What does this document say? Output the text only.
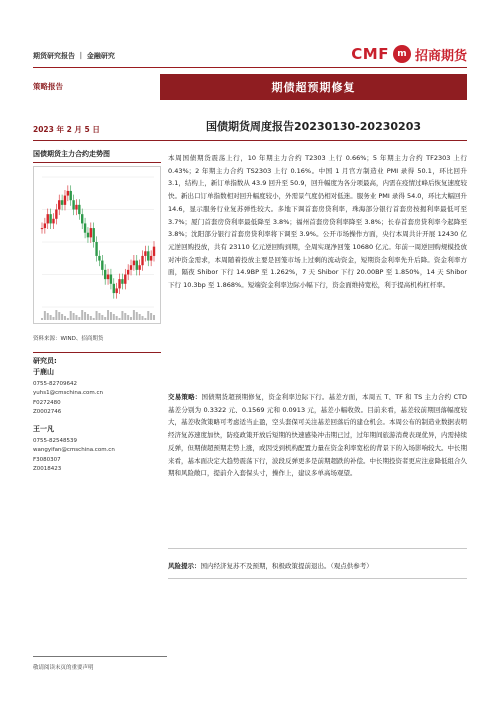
期货研究报告 ｜ 金融研究	CMF m 招商期货
策略报告	期债超预期修复
2023 年 2 月 5 日	国债期货周度报告20230130-20230203
国债期货主力合约走势图
资料来源：WIND、招商期货
研究员:
于鹿山
0755-82709642
yuhs1@cmschina.com.cn
F0272480
Z0002746
王一凡
0755-82548539
wangyifan@cmschina.com.cn
F3080307
Z0018423
本周国债期货震荡上行，10 年期主力合约 T2303 上行 0.66%；5 年期主力合约 TF2303 上行 0.43%；2 年期主力合约 TS2303 上行 0.16%。中国 1 月官方制造业 PMI 录得 50.1，环比回升 3.1，结构上，新订单指数从 43.9 回升至 50.9，回升幅度为各分项最高，内需在疫情过峰后恢复速度较快。新出口订单指数相对回升幅度较小，外需景气度仍相对低迷。服务业 PMI 录得 54.0，环比大幅回升 14.6，显示服务行业复苏弹性较大。多地下调首套房贷利率，珠海部分银行首套房按揭利率最低可至 3.7%；厦门首套房贷利率最低降至 3.8%；福州首套房贷利率降至 3.8%；长春首套房贷利率今起降至 3.8%；沈阳部分银行首套房贷利率将下调至 3.9%。公开市场操作方面，央行本周共计开展 12430 亿元逆回购投放，共有 23110 亿元逆回购到期，全周实现净回笼 10680 亿元。年前一周逆回购规模投放对冲资金需求，本周随着投放主要是回笼市场上过剩的流动资金，短期资金利率先升后降。资金利率方面，隔夜 Shibor 下行 14.9BP 至 1.262%，7 天 Shibor 下行 20.00BP 至 1.850%，14 天 Shibor 下行 10.3bp 至 1.868%。短端资金利率边际小幅下行，资金面维持宽松，利于提高机构杠杆率。
交易策略：国债期货超预期修复，资金利率边际下行。基差方面，本周五 T、TF 和 TS 主力合约 CTD 基差分别为 0.3322 元、0.1569 元和 0.0913 元，基差小幅收敛。目前来看，基差较前期回落幅度较大，基差收敛策略可考虑适当止盈，空头套保可关注基差回落后的建仓机会。本周公布的制造业数据表明经济复苏速度加快，防疫政策开放后短期的快速感染冲击期已过，过年期间旅游消费表现优异，内需持续反弹，但期债超预期走势上涨，或因受到机构配置力量在资金利率宽松的背景下的入场影响较大。中长期来看，基本面决定大趋势震荡下行，波段反弹更多是前期超跌的补偿。中长期投资者更应注意降低组合久期和风险敞口，提前介入套保头寸，操作上，建议多单高场观望。
风险提示：国内经济复苏不及预期，积极政策提前退出。（观点供参考）
敬请阅读末页的重要声明
